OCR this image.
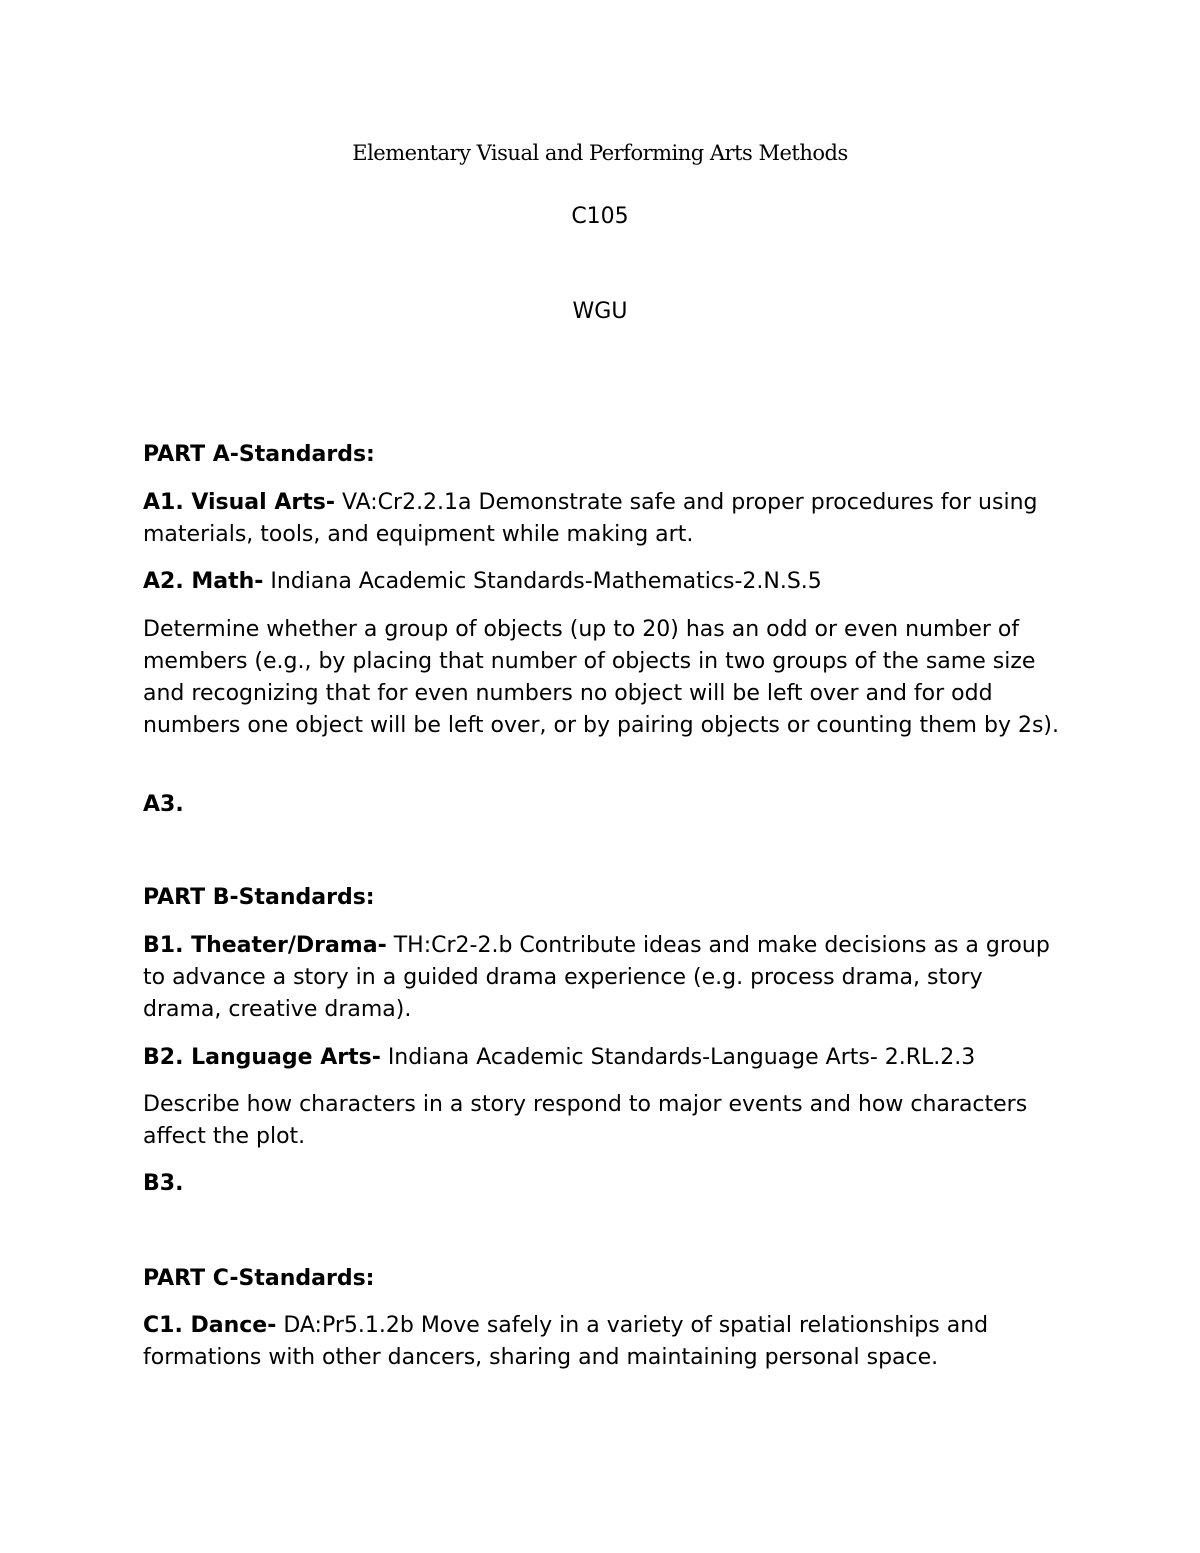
Elementary Visual and Performing Arts Methods
C105
WGU

PART A-Standards:

A1. Visual Arts- VA:Cr2.2.1a Demonstrate safe and proper procedures for using materials, tools, and equipment while making art.

A2. Math- Indiana Academic Standards-Mathematics-2.N.S.5

Determine whether a group of objects (up to 20) has an odd or even number of members (e.g., by placing that number of objects in two groups of the same size and recognizing that for even numbers no object will be left over and for odd numbers one object will be left over, or by pairing objects or counting them by 2s).

A3.

PART B-Standards:

B1. Theater/Drama- TH:Cr2-2.b Contribute ideas and make decisions as a group to advance a story in a guided drama experience (e.g. process drama, story drama, creative drama).

B2. Language Arts- Indiana Academic Standards-Language Arts- 2.RL.2.3

Describe how characters in a story respond to major events and how characters affect the plot.

B3.

PART C-Standards:

C1. Dance- DA:Pr5.1.2b Move safely in a variety of spatial relationships and formations with other dancers, sharing and maintaining personal space.
